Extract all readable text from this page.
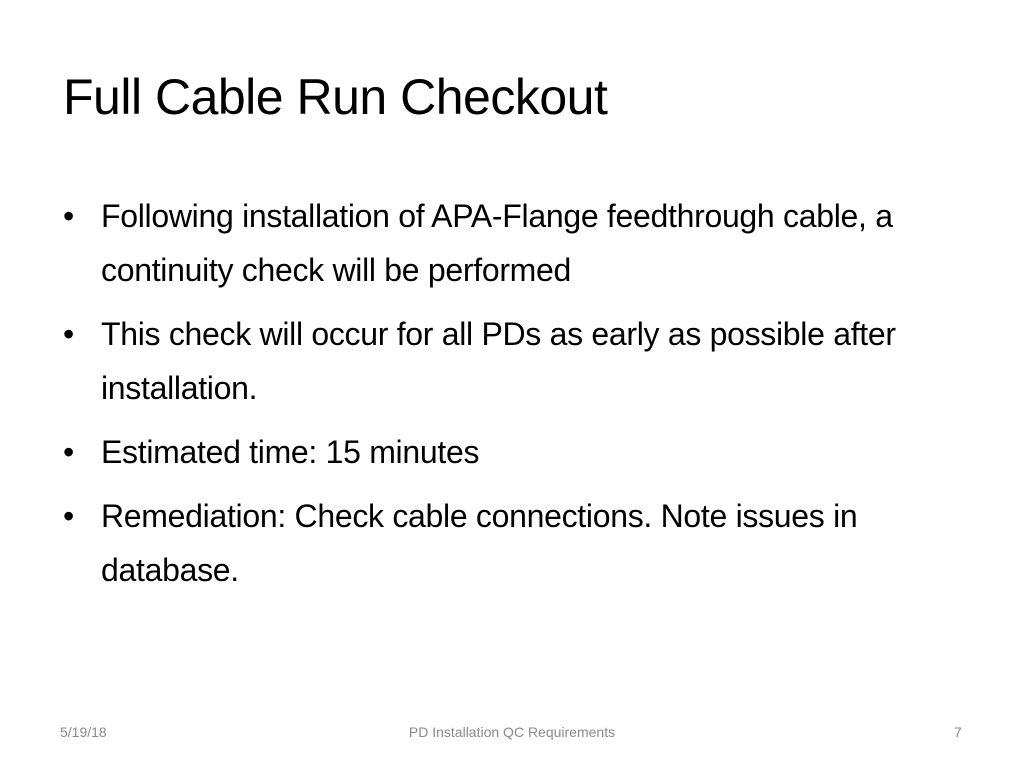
Full Cable Run Checkout
• Following installation of APA-Flange feedthrough cable, a continuity check will be performed
• This check will occur for all PDs as early as possible after installation.
• Estimated time: 15 minutes
• Remediation: Check cable connections. Note issues in database.
5/19/18	PD Installation QC Requirements	7
